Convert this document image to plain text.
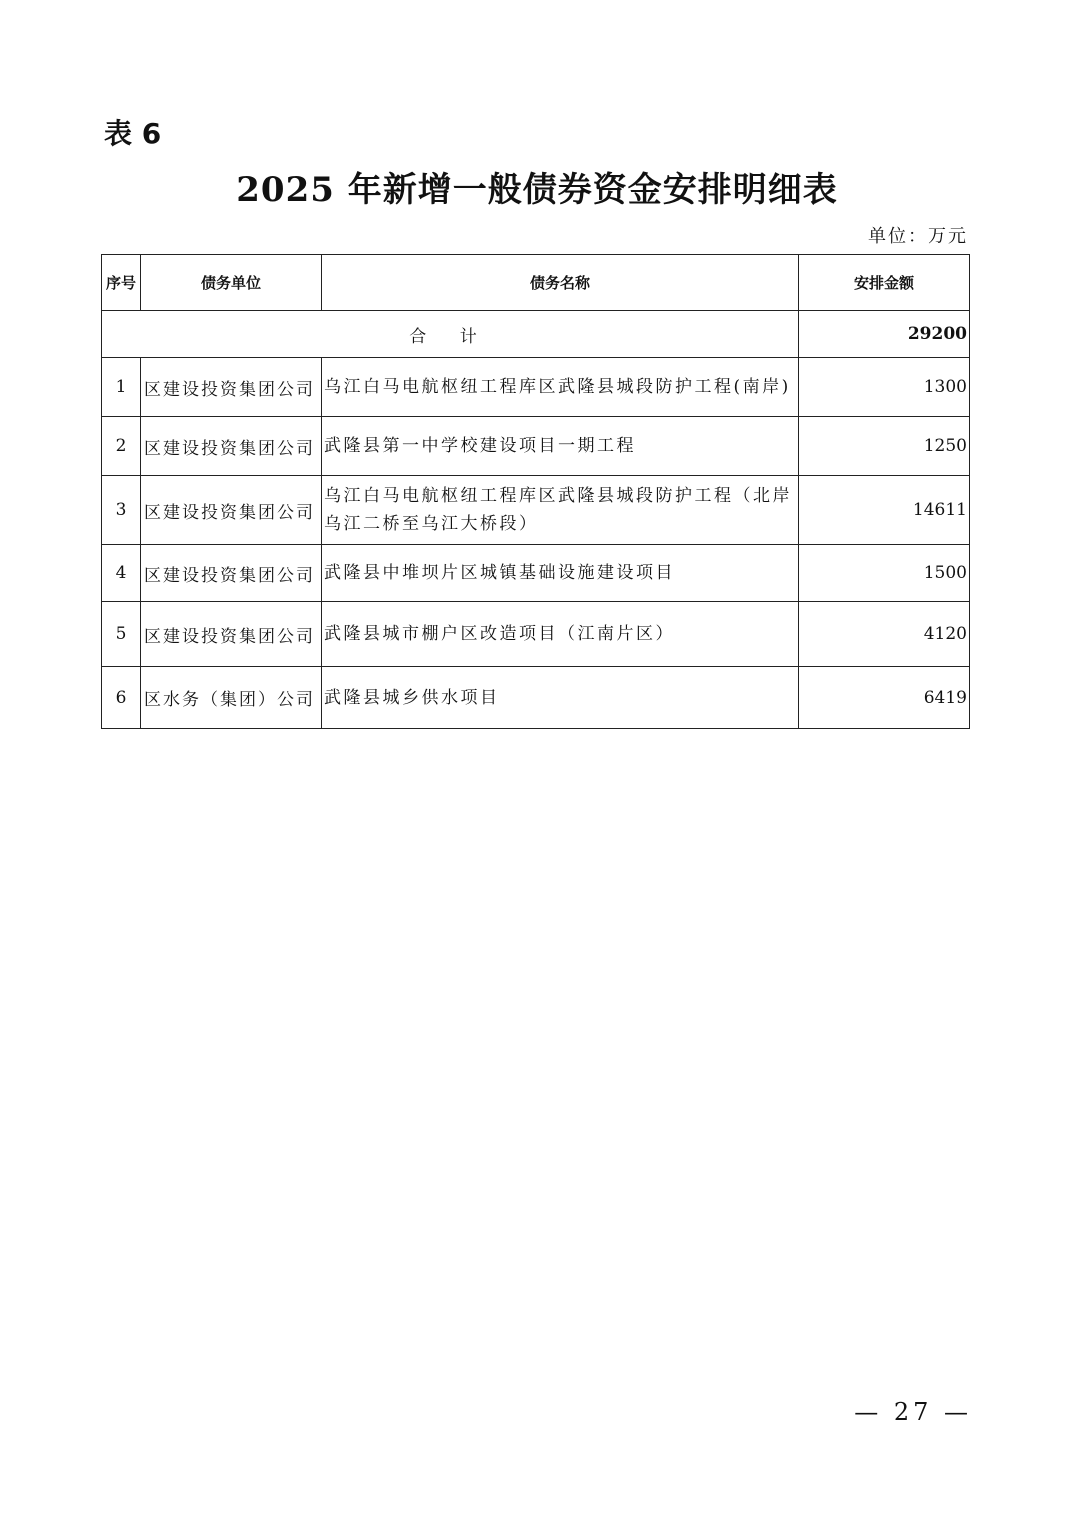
表 6
2025 年新增一般债券资金安排明细表
单位：万元
序号	债务单位	债务名称	安排金额
合 计			29200
1	区建设投资集团公司	乌江白马电航枢纽工程库区武隆县城段防护工程(南岸)	1300
2	区建设投资集团公司	武隆县第一中学校建设项目一期工程	1250
3	区建设投资集团公司	乌江白马电航枢纽工程库区武隆县城段防护工程（北岸乌江二桥至乌江大桥段）	14611
4	区建设投资集团公司	武隆县中堆坝片区城镇基础设施建设项目	1500
5	区建设投资集团公司	武隆县城市棚户区改造项目（江南片区）	4120
6	区水务（集团）公司	武隆县城乡供水项目	6419
— 27 —
